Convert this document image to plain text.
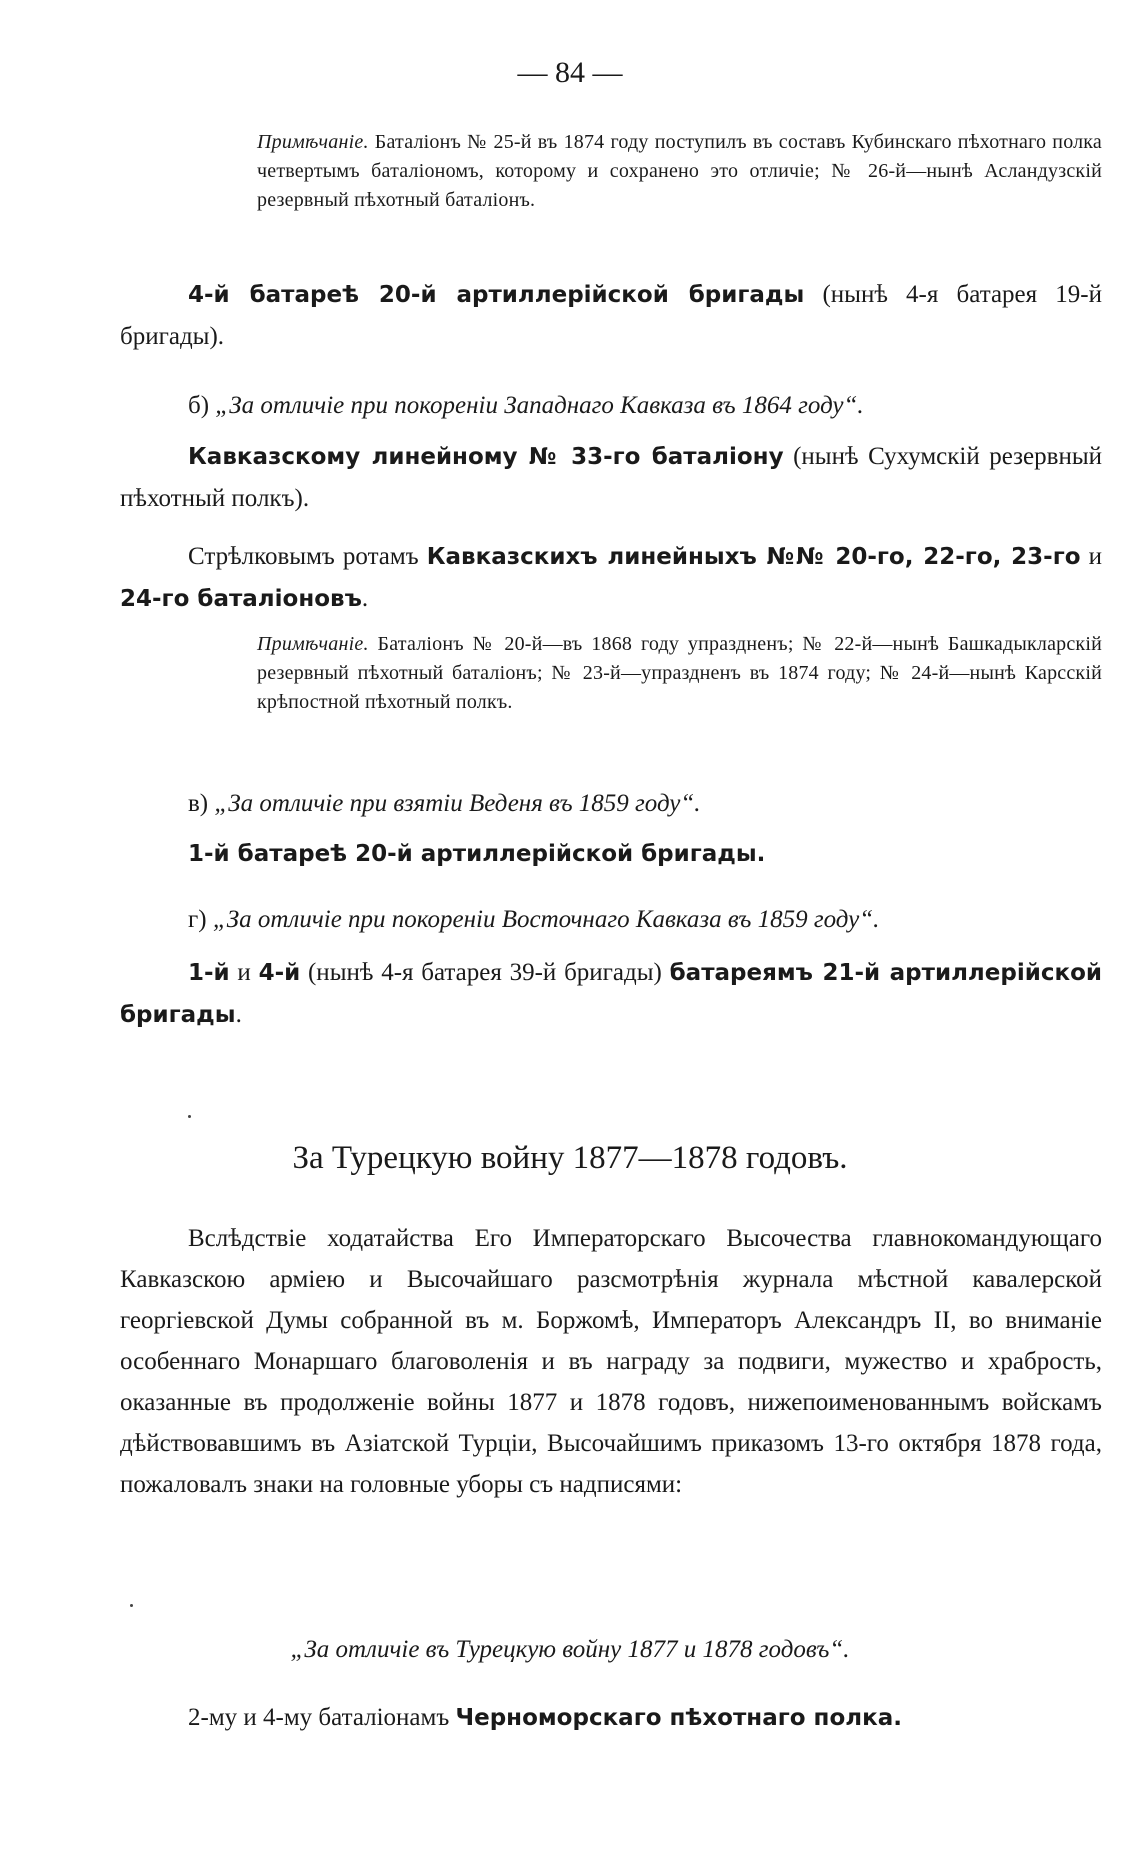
— 84 —

Примѣчаніе. Баталіонъ № 25-й въ 1874 году поступилъ въ составъ Кубинскаго пѣхотнаго полка четвертымъ баталіономъ, которому и сохранено это отличіе; № 26-й—нынѣ Асландузскій резервный пѣхотный баталіонъ.

4-й батареѣ 20-й артиллерійской бригады (нынѣ 4-я батарея 19-й бригады).

б) „За отличіе при покореніи Западнаго Кавказа въ 1864 году“.

Кавказскому линейному № 33-го баталіону (нынѣ Сухумскій резервный пѣхотный полкъ).

Стрѣлковымъ ротамъ Кавказскихъ линейныхъ №№ 20-го, 22-го, 23-го и 24-го баталіоновъ.

Примѣчаніе. Баталіонъ № 20-й—въ 1868 году упраздненъ; № 22-й—нынѣ Башкадыкларскій резервный пѣхотный баталіонъ; № 23-й—упраздненъ въ 1874 году; № 24-й—нынѣ Карсскій крѣпостной пѣхотный полкъ.

в) „За отличіе при взятіи Веденя въ 1859 году“.

1-й батареѣ 20-й артиллерійской бригады.

г) „За отличіе при покореніи Восточнаго Кавказа въ 1859 году“.

1-й и 4-й (нынѣ 4-я батарея 39-й бригады) батареямъ 21-й артиллерійской бригады.

За Турецкую войну 1877—1878 годовъ.

Вслѣдствіе ходатайства Его Императорскаго Высочества главнокомандующаго Кавказскою арміею и Высочайшаго разсмотрѣнія журнала мѣстной кавалерской георгіевской Думы собранной въ м. Боржомѣ, Императоръ Александръ II, во вниманіе особеннаго Монаршаго благоволенія и въ награду за подвиги, мужество и храбрость, оказанные въ продолженіе войны 1877 и 1878 годовъ, нижепоименованнымъ войскамъ дѣйствовавшимъ въ Азіатской Турціи, Высочайшимъ приказомъ 13-го октября 1878 года, пожаловалъ знаки на головные уборы съ надписями:

„За отличіе въ Турецкую войну 1877 и 1878 годовъ“.

2-му и 4-му баталіонамъ Черноморскаго пѣхотнаго полка.
